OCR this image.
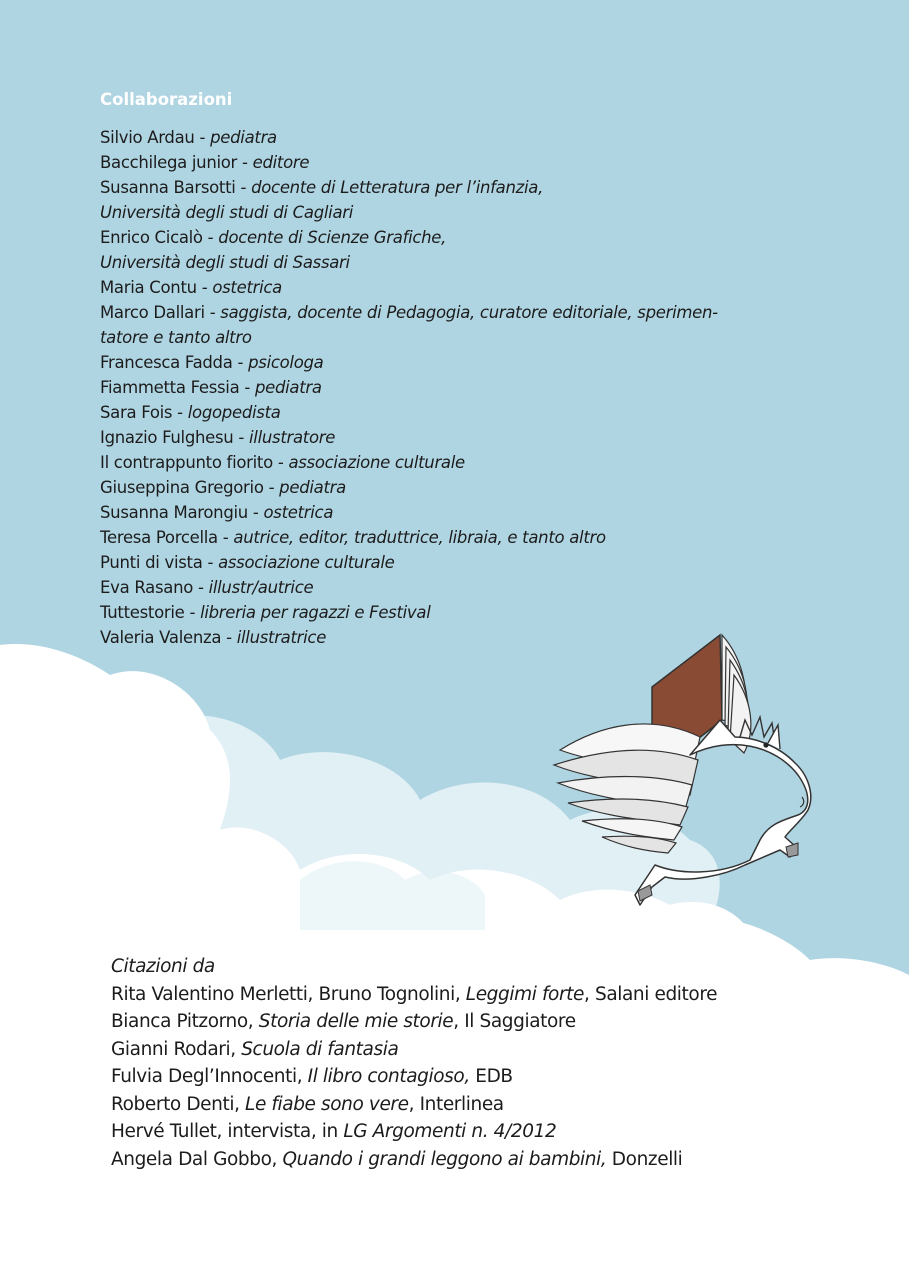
Collaborazioni
Silvio Ardau - pediatra
Bacchilega junior - editore
Susanna Barsotti - docente di Letteratura per l’infanzia,
Università degli studi di Cagliari
Enrico Cicalò - docente di Scienze Grafiche,
Università degli studi di Sassari
Maria Contu - ostetrica
Marco Dallari - saggista, docente di Pedagogia, curatore editoriale, sperimen-
tatore e tanto altro
Francesca Fadda - psicologa
Fiammetta Fessia - pediatra
Sara Fois - logopedista
Ignazio Fulghesu - illustratore
Il contrappunto fiorito - associazione culturale
Giuseppina Gregorio - pediatra
Susanna Marongiu - ostetrica
Teresa Porcella - autrice, editor, traduttrice, libraia, e tanto altro
Punti di vista - associazione culturale
Eva Rasano - illustr/autrice
Tuttestorie - libreria per ragazzi e Festival
Valeria Valenza - illustratrice
Citazioni da
Rita Valentino Merletti, Bruno Tognolini, Leggimi forte, Salani editore
Bianca Pitzorno, Storia delle mie storie, Il Saggiatore
Gianni Rodari, Scuola di fantasia
Fulvia Degl’Innocenti, Il libro contagioso, EDB
Roberto Denti, Le fiabe sono vere, Interlinea
Hervé Tullet, intervista, in LG Argomenti n. 4/2012
Angela Dal Gobbo, Quando i grandi leggono ai bambini, Donzelli
